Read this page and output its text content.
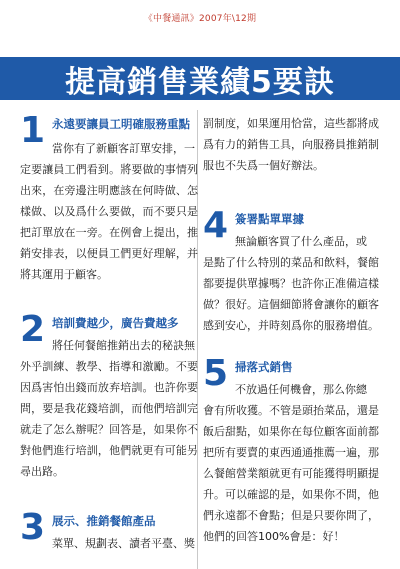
《中餐通訊》2007年\12期
提高銷售業績5要訣
1 永遠要讓員工明確服務重點

當你有了新顧客訂單安排，一

定要讓員工們看到。將要做的事情列出來，在旁邊注明應該在何時做、怎樣做、以及爲什么要做，而不要只是把訂單放在一旁。在例會上提出，推銷安排表，以便員工們更好理解，并將其運用于顧客。

2 培訓費越少，廣告費越多

將任何餐館推銷出去的秘訣無

外乎訓練、教學、指導和激勵。不要因爲害怕出錢而放弃培訓。也許你要問，要是我花錢培訓，而他們培訓完就走了怎么辦呢？回答是，如果你不對他們進行培訓，他們就更有可能另尋出路。

3 展示、推銷餐館產品

菜單、規劃表、讀者平臺、獎

罰制度，如果運用恰當，這些都將成爲有力的銷售工具，向服務員推銷制服也不失爲一個好辦法。

4 簽署點單單據

無論顧客買了什么產品，或

是點了什么特別的菜品和飲料，餐館都要提供單據嗎？也許你正准備這樣做？很好。這個細節將會讓你的顧客感到安心，并時刻爲你的服務增值。

5 掃落式銷售

不放過任何機會，那么你總

會有所收獲。不管是頭抬菜品，還是飯后甜點，如果你在每位顧客面前都把所有要賣的東西通通推薦一遍，那么餐館營業額就更有可能獲得明顯提升。可以確認的是，如果你不問，他們永遠都不會點；但是只要你問了，他們的回答100%會是：好！
